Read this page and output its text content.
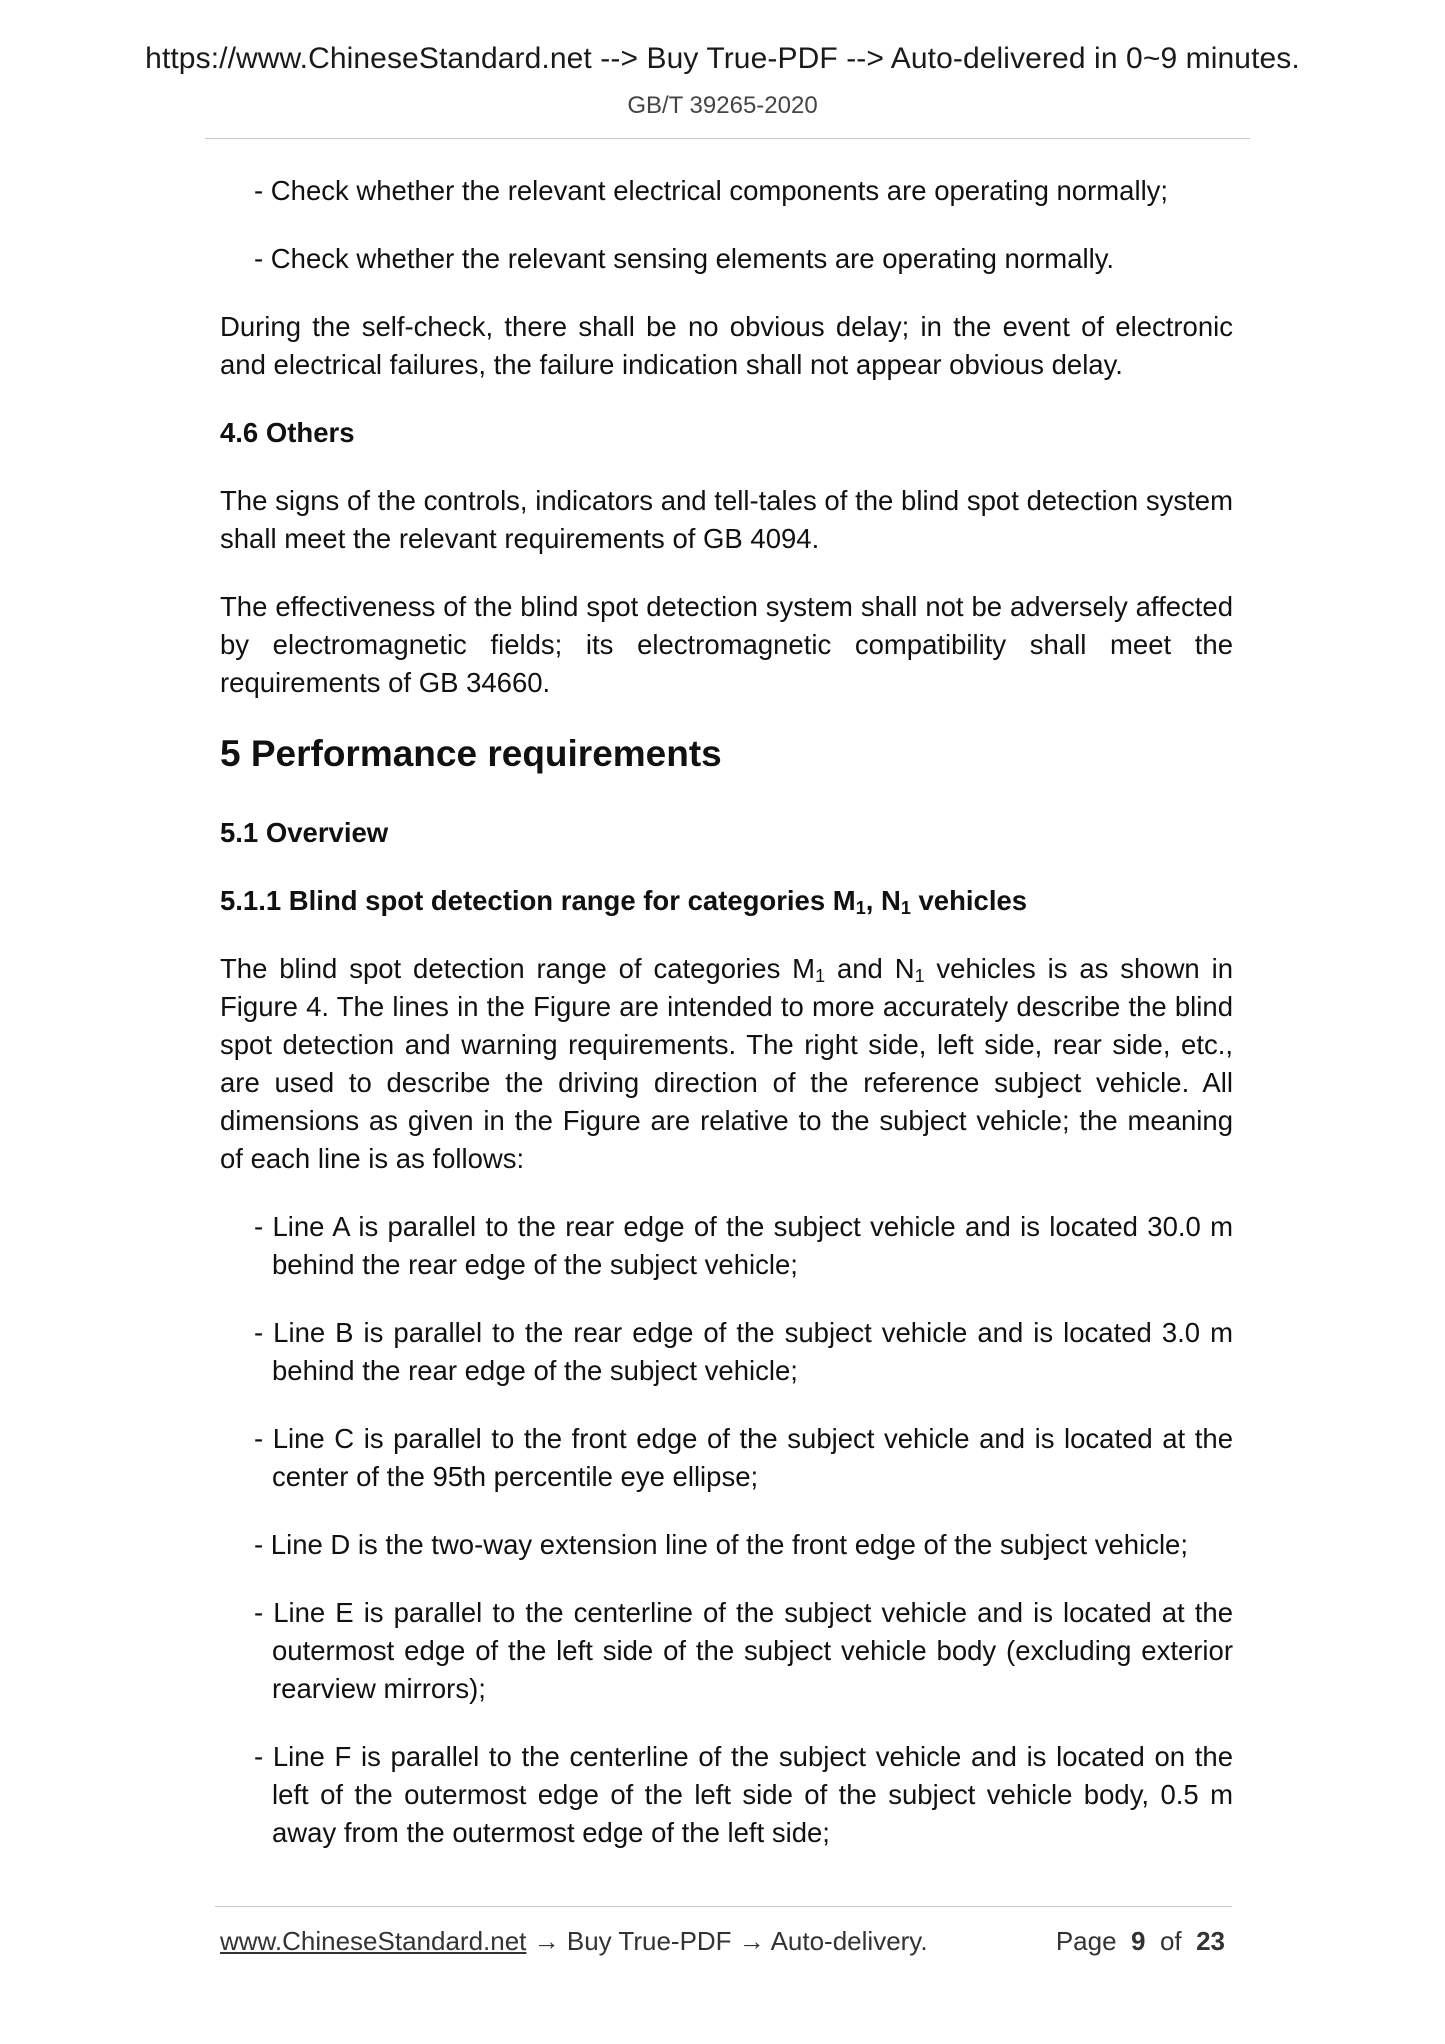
https://www.ChineseStandard.net --> Buy True-PDF --> Auto-delivered in 0~9 minutes.
GB/T 39265-2020

- Check whether the relevant electrical components are operating normally;

- Check whether the relevant sensing elements are operating normally.

During the self-check, there shall be no obvious delay; in the event of electronic and electrical failures, the failure indication shall not appear obvious delay.

4.6 Others

The signs of the controls, indicators and tell-tales of the blind spot detection system shall meet the relevant requirements of GB 4094.

The effectiveness of the blind spot detection system shall not be adversely affected by electromagnetic fields; its electromagnetic compatibility shall meet the requirements of GB 34660.

5 Performance requirements
5.1 Overview
5.1.1 Blind spot detection range for categories $M_1$, $N_1$ vehicles

The blind spot detection range of categories $M_1$ and $N_1$ vehicles is as shown in Figure 4. The lines in the Figure are intended to more accurately describe the blind spot detection and warning requirements. The right side, left side, rear side, etc., are used to describe the driving direction of the reference subject vehicle. All dimensions as given in the Figure are relative to the subject vehicle; the meaning of each line is as follows:

- Line A is parallel to the rear edge of the subject vehicle and is located 30.0 m behind the rear edge of the subject vehicle;

- Line B is parallel to the rear edge of the subject vehicle and is located 3.0 m behind the rear edge of the subject vehicle;

- Line C is parallel to the front edge of the subject vehicle and is located at the center of the 95th percentile eye ellipse;

- Line D is the two-way extension line of the front edge of the subject vehicle;

- Line E is parallel to the centerline of the subject vehicle and is located at the outermost edge of the left side of the subject vehicle body (excluding exterior rearview mirrors);

- Line F is parallel to the centerline of the subject vehicle and is located on the left of the outermost edge of the left side of the subject vehicle body, 0.5 m away from the outermost edge of the left side;

www.ChineseStandard.net → Buy True-PDF → Auto-delivery.	Page 9 of 23
